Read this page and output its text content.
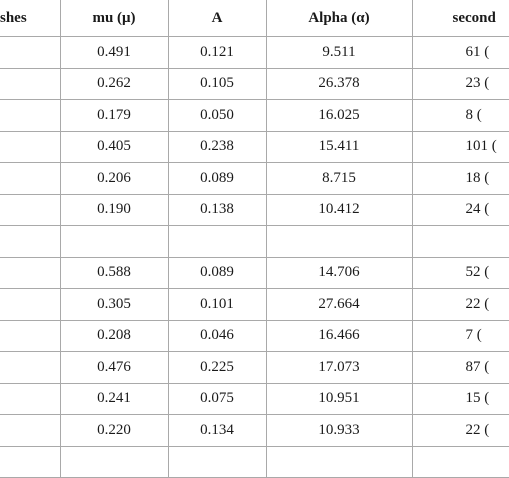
shes	mu (μ)	A	Alpha (α)	second
	0.491	0.121	9.511	61 (
	0.262	0.105	26.378	23 (
	0.179	0.050	16.025	8 (
	0.405	0.238	15.411	101 (
	0.206	0.089	8.715	18 (
	0.190	0.138	10.412	24 (

	0.588	0.089	14.706	52 (
	0.305	0.101	27.664	22 (
	0.208	0.046	16.466	7 (
	0.476	0.225	17.073	87 (
	0.241	0.075	10.951	15 (
	0.220	0.134	10.933	22 (
